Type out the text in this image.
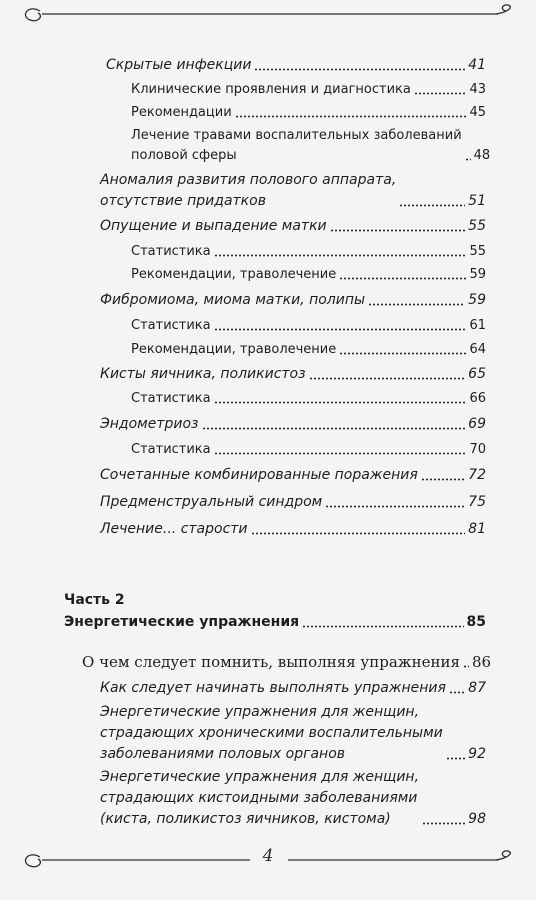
Скрытые инфекции	41
Клинические проявления и диагностика	43
Рекомендации	45
Лечение травами воспалительных заболеваний
половой сферы	48
Аномалия развития полового аппарата,
отсутствие придатков	51
Опущение и выпадение матки	55
Статистика	55
Рекомендации, траволечение	59
Фибромиома, миома матки, полипы	59
Статистика	61
Рекомендации, траволечение	64
Кисты яичника, поликистоз	65
Статистика	66
Эндометриоз	69
Статистика	70
Сочетанные комбинированные поражения	72
Предменструальный синдром	75
Лечение... старости	81
Часть 2
Энергетические упражнения	85
О чем следует помнить, выполняя упражнения 86
Как следует начинать выполнять упражнения 87
Энергетические упражнения для женщин,
страдающих хроническими воспалительными
заболеваниями половых органов	92
Энергетические упражнения для женщин,
страдающих кистоидными заболеваниями
(киста, поликистоз яичников, кистома)	98
4
